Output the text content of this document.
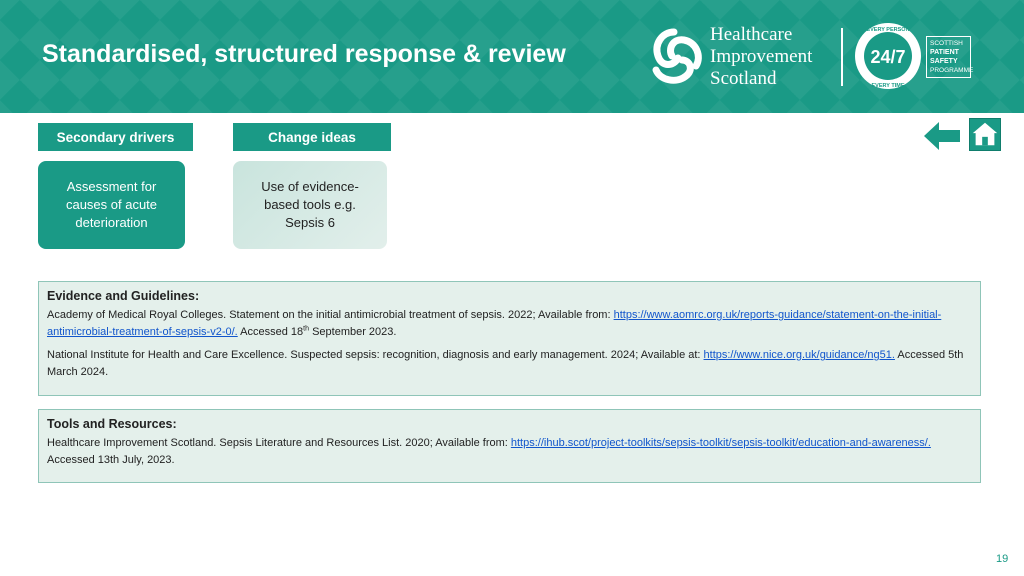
Standardised, structured response & review
Healthcare
Improvement
Scotland
24/7
EVERY PERSON
EVERY TIME
SCOTTISH
PATIENT
SAFETY
PROGRAMME
Secondary drivers	Change ideas
Assessment for causes of acute deterioration
Use of evidence-based tools e.g. Sepsis 6
Evidence and Guidelines:
Academy of Medical Royal Colleges. Statement on the initial antimicrobial treatment of sepsis. 2022; Available from: https://www.aomrc.org.uk/reports-guidance/statement-on-the-initial-antimicrobial-treatment-of-sepsis-v2-0/. Accessed 18th September 2023.
National Institute for Health and Care Excellence. Suspected sepsis: recognition, diagnosis and early management. 2024; Available at: https://www.nice.org.uk/guidance/ng51. Accessed 5th March 2024.
Tools and Resources:
Healthcare Improvement Scotland. Sepsis Literature and Resources List. 2020; Available from: https://ihub.scot/project-toolkits/sepsis-toolkit/sepsis-toolkit/education-and-awareness/. Accessed 13th July, 2023.
19
